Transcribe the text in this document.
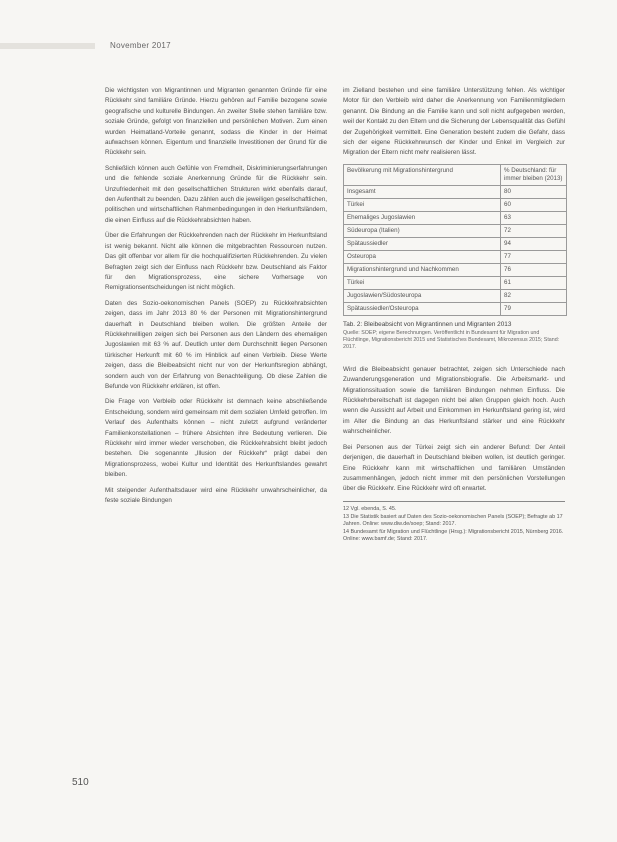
November 2017

Die wichtigsten von Migrantinnen und Migranten genannten Gründe für eine Rückkehr sind familiäre Gründe. Hierzu gehören auf Familie bezogene sowie geografische und kulturelle Bindungen. An zweiter Stelle stehen familiäre bzw. soziale Gründe, gefolgt von finanziellen und persönlichen Motiven. Zum einen wurden Heimatland-Vorteile genannt, sodass die Kinder in der Heimat aufwachsen können. Eigentum und finanzielle Investitionen der Grund für die Rückkehr sein.

Schließlich können auch Gefühle von Fremdheit, Diskriminierungserfahrungen und die fehlende soziale Anerkennung Gründe für die Rückkehr sein. Unzufriedenheit mit den gesellschaftlichen Strukturen wirkt ebenfalls darauf, den Aufenthalt zu beenden. Dazu zählen auch die jeweiligen gesellschaftlichen, politischen und wirtschaftlichen Rahmenbedingungen in den Herkunftsländern, die einen Einfluss auf die Rückkehrabsichten haben.

Über die Erfahrungen der Rückkehrenden nach der Rückkehr im Herkunftsland ist wenig bekannt. Nicht alle können die mitgebrachten Ressourcen nutzen. Das gilt offenbar vor allem für die hochqualifizierten Rückkehrenden. Zu vielen Befragten zeigt sich der Einfluss nach Rückkehr bzw. Deutschland als Faktor für den Migrationsprozess, eine sichere Vorhersage von Remigrationsentscheidungen ist nicht möglich.

Daten des Sozio-oekonomischen Panels (SOEP) zu Rückkehrabsichten zeigen, dass im Jahr 2013 80 % der Personen mit Migrationshintergrund dauerhaft in Deutschland bleiben wollen. Die größten Anteile der Rückkehrwilligen zeigen sich bei Personen aus den Ländern des ehemaligen Jugoslawien mit 63 % auf. Deutlich unter dem Durchschnitt liegen Personen türkischer Herkunft mit 60 % im Hinblick auf einen Verbleib. Diese Werte zeigen, dass die Bleibeabsicht nicht nur von der Herkunftsregion abhängt, sondern auch von der Erfahrung von Benachteiligung. Ob diese Zahlen die Befunde von Rückkehr erklären, ist offen.

Die Frage von Verbleib oder Rückkehr ist demnach keine abschließende Entscheidung, sondern wird gemeinsam mit dem sozialen Umfeld getroffen. Im Verlauf des Aufenthalts können – nicht zuletzt aufgrund veränderter Familienkonstellationen – frühere Absichten ihre Bedeutung verlieren. Die Rückkehr wird immer wieder verschoben, die Rückkehrabsicht bleibt jedoch bestehen. Die sogenannte „Illusion der Rückkehr“ prägt dabei den Migrationsprozess, wobei Kultur und Identität des Herkunftslandes gewahrt bleiben.

Mit steigender Aufenthaltsdauer wird eine Rückkehr unwahrscheinlicher, da feste soziale Bindungen

im Zielland bestehen und eine familiäre Unterstützung fehlen. Als wichtiger Motor für den Verbleib wird daher die Anerkennung von Familienmitgliedern genannt. Die Bindung an die Familie kann und soll nicht aufgegeben werden, weil der Kontakt zu den Eltern und die Sicherung der Lebensqualität das Gefühl der Zugehörigkeit vermittelt. Eine Generation besteht zudem die Gefahr, dass sich der eigene Rückkehrwunsch der Kinder und Enkel im Vergleich zur Migration der Eltern nicht mehr realisieren lässt.

Bevölkerung mit Migrationshintergrund	% Deutschland: für immer bleiben (2013)
Insgesamt	80
Türkei	60
Ehemaliges Jugoslawien	63
Südeuropa (Italien)	72
Spätaussiedler	94
Osteuropa	77
Migrationshintergrund und Nachkommen	76
Türkei	61
Jugoslawien/Südosteuropa	82
Spätaussiedler/Osteuropa	79
Tab. 2: Bleibeabsicht von Migrantinnen und Migranten 2013
Quelle: SOEP; eigene Berechnungen. Veröffentlicht in Bundesamt für Migration und Flüchtlinge, Migrationsbericht 2015 und Statistisches Bundesamt, Mikrozensus 2015; Stand: 2017.

Wird die Bleibeabsicht genauer betrachtet, zeigen sich Unterschiede nach Zuwanderungsgeneration und Migrationsbiografie. Die Arbeitsmarkt- und Migrationssituation sowie die familiären Bindungen nehmen Einfluss. Die Rückkehrbereitschaft ist dagegen nicht bei allen Gruppen gleich hoch. Auch wenn die Aussicht auf Arbeit und Einkommen im Herkunftsland gering ist, wird im Alter die Bindung an das Herkunftsland stärker und eine Rückkehr wahrscheinlicher.

Bei Personen aus der Türkei zeigt sich ein anderer Befund: Der Anteil derjenigen, die dauerhaft in Deutschland bleiben wollen, ist deutlich geringer. Eine Rückkehr kann mit wirtschaftlichen und familiären Umständen zusammenhängen, jedoch nicht immer mit den persönlichen Vorstellungen über die Rückkehr. Eine Rückkehr wird oft erwartet.

12 Vgl. ebenda, S. 45.
13 Die Statistik basiert auf Daten des Sozio-oekonomischen Panels (SOEP); Befragte ab 17 Jahren. Online: www.diw.de/soep; Stand: 2017.
14 Bundesamt für Migration und Flüchtlinge (Hrsg.): Migrationsbericht 2015, Nürnberg 2016. Online: www.bamf.de; Stand: 2017.
510
